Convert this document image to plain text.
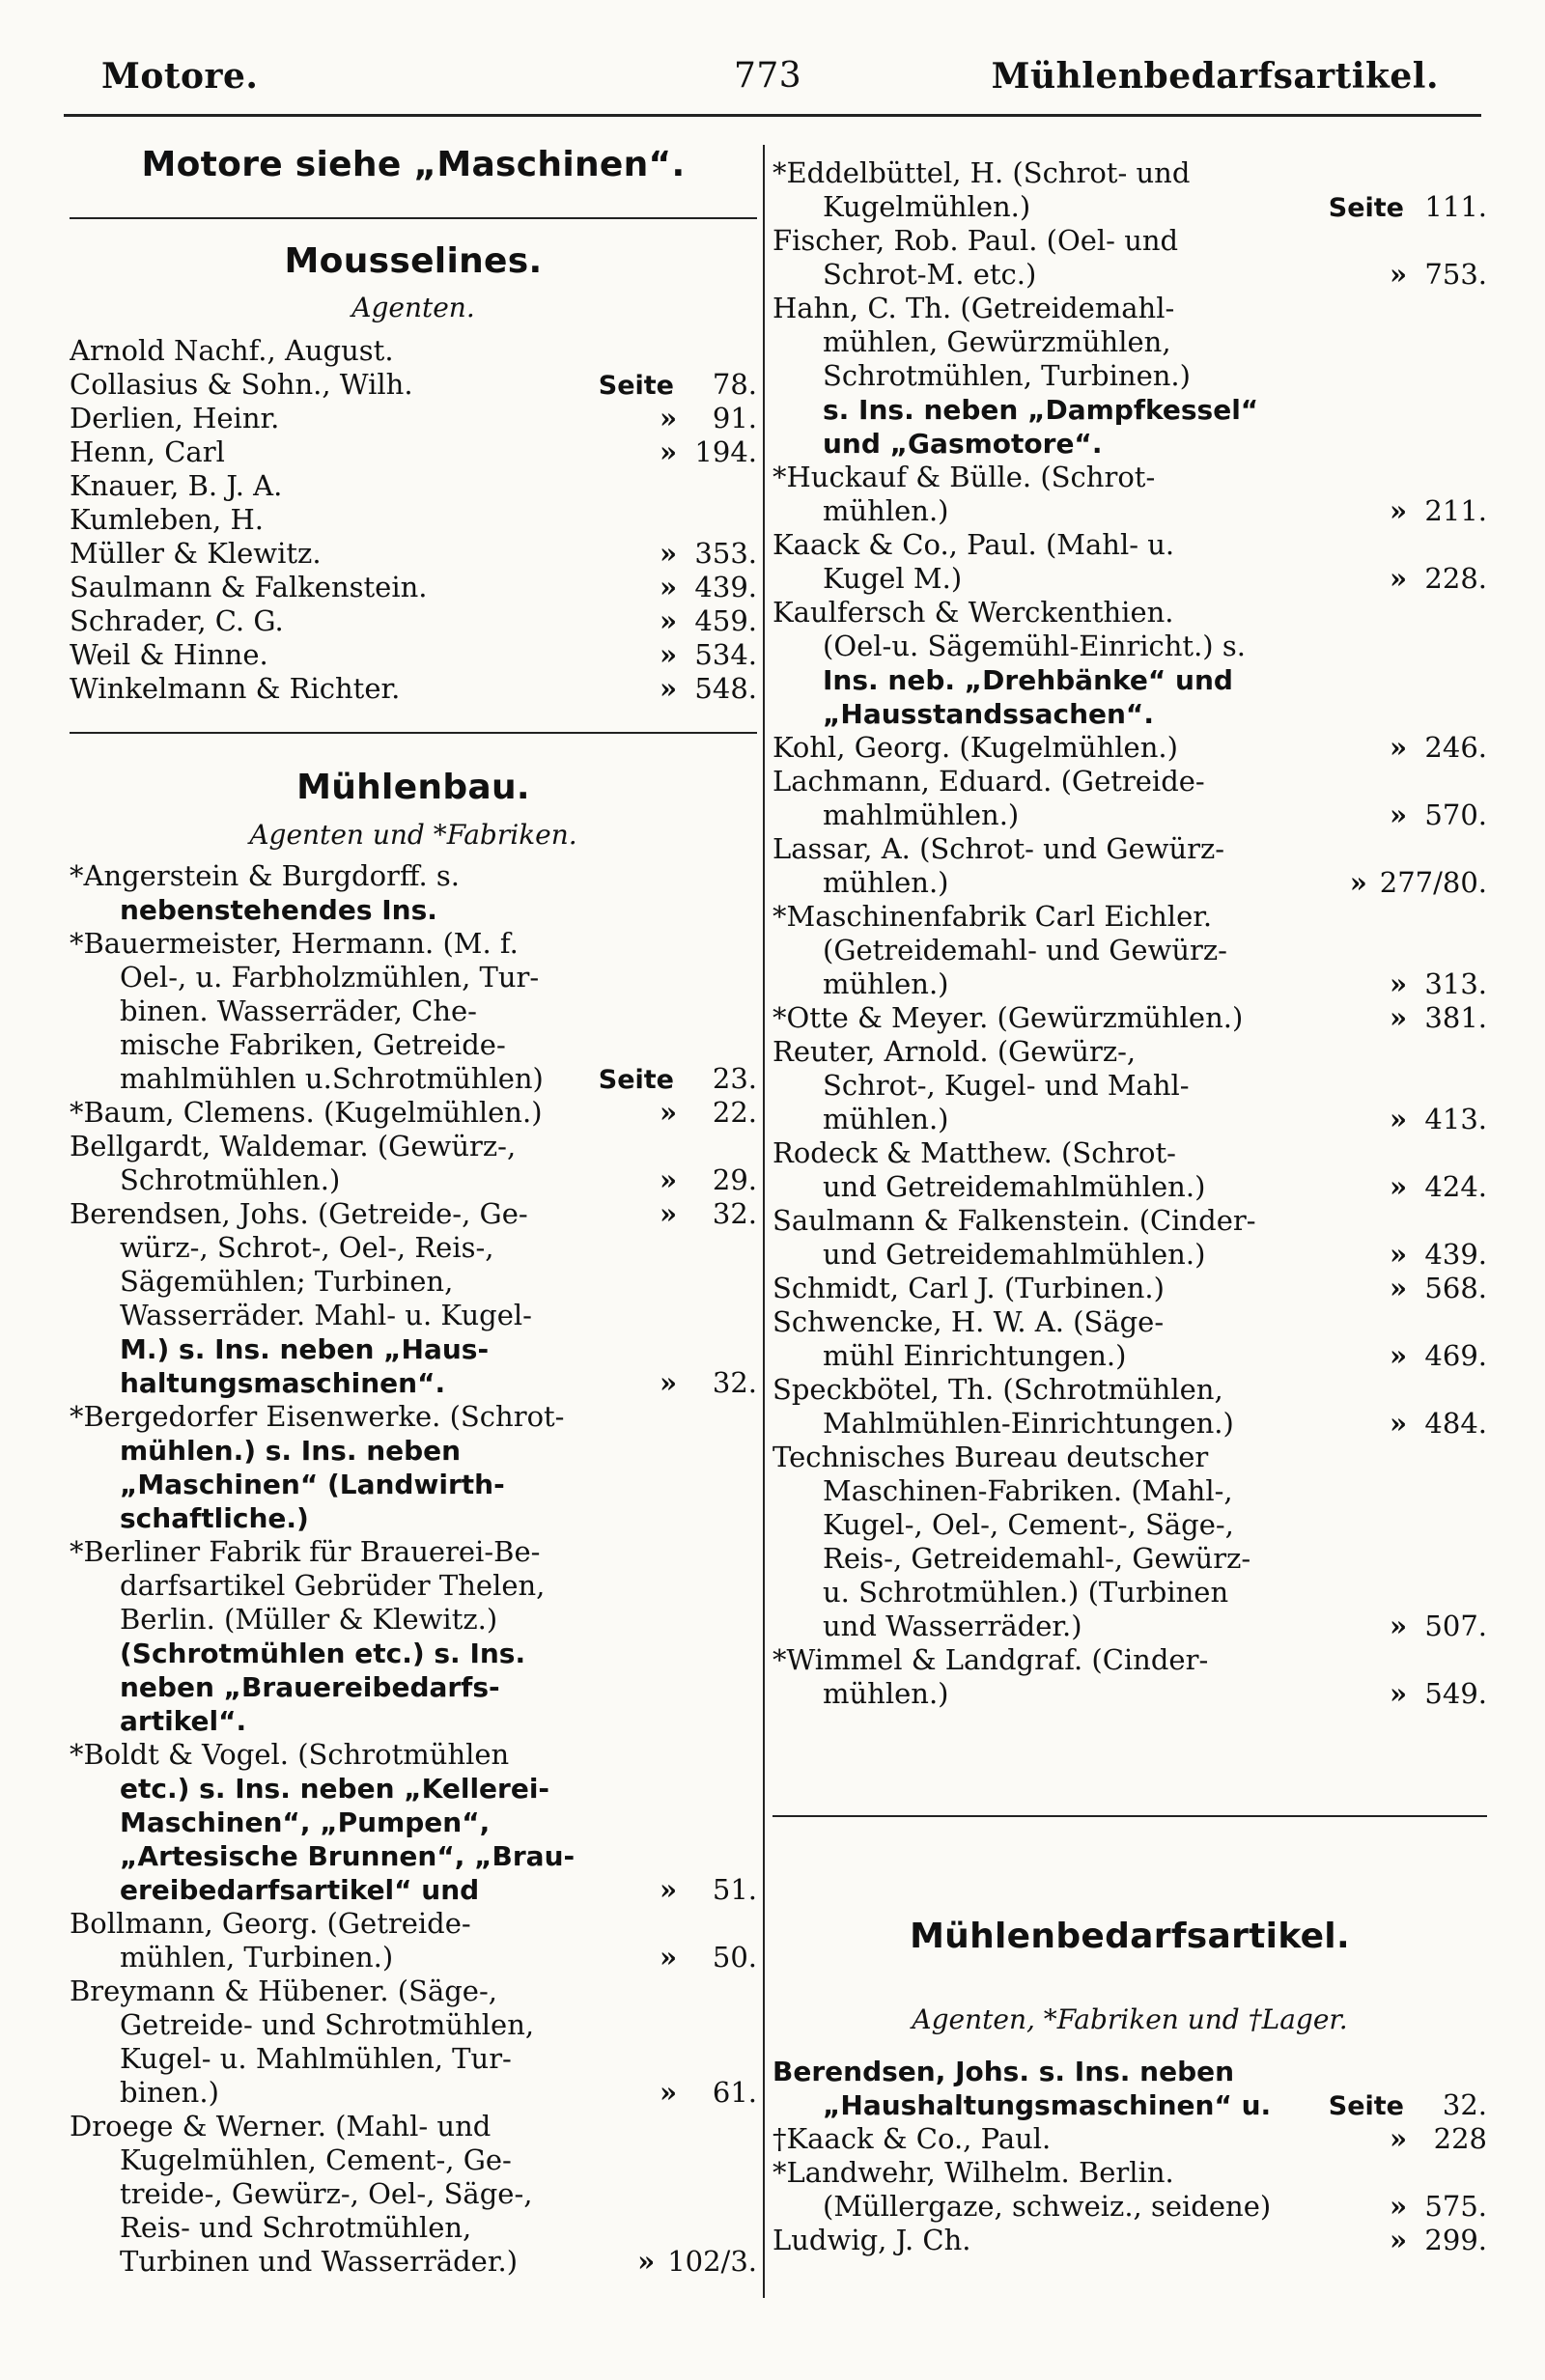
Motore.	773	Mühlenbedarfsartikel.
Motore siehe „Maschinen“.
Mousselines.
Agenten.
Arnold Nachf., August.
Collasius & Sohn., Wilh.	Seite	78.
Derlien, Heinr.	»	91.
Henn, Carl	» 194.
Knauer, B. J. A.
Kumleben, H.
Müller & Klewitz.	» 353.
Saulmann & Falkenstein.	» 439.
Schrader, C. G.	» 459.
Weil & Hinne.	» 534.
Winkelmann & Richter.	» 548.
Mühlenbau.
Agenten und *Fabriken.
*Angerstein & Burgdorff. s.
nebenstehendes Ins.
*Bauermeister, Hermann. (M. f.
Oel-, u. Farbholzmühlen, Tur-
binen. Wasserräder, Che-
mische Fabriken, Getreide-
mahlmühlen u.Schrotmühlen)	Seite	23.
*Baum, Clemens. (Kugelmühlen.)	»	22.
Bellgardt, Waldemar. (Gewürz-,
Schrotmühlen.)	»	29.
Berendsen, Johs. (Getreide-, Ge-	»	32.
würz-, Schrot-, Oel-, Reis-,
Sägemühlen; Turbinen,
Wasserräder. Mahl- u. Kugel-
M.) s. Ins. neben „Haus-
haltungsmaschinen“.	»	32.
*Bergedorfer Eisenwerke. (Schrot-
mühlen.) s. Ins. neben
„Maschinen“ (Landwirth-
schaftliche.)
*Berliner Fabrik für Brauerei-Be-
darfsartikel Gebrüder Thelen,
Berlin. (Müller & Klewitz.)
(Schrotmühlen etc.) s. Ins.
neben „Brauereibedarfs-
artikel“.
*Boldt & Vogel. (Schrotmühlen
etc.) s. Ins. neben „Kellerei-
Maschinen“, „Pumpen“,
„Artesische Brunnen“, „Brau-
ereibedarfsartikel“ und	»	51.
Bollmann, Georg. (Getreide-
mühlen, Turbinen.)	»	50.
Breymann & Hübener. (Säge-,
Getreide- und Schrotmühlen,
Kugel- u. Mahlmühlen, Tur-
binen.)	»	61.
Droege & Werner. (Mahl- und
Kugelmühlen, Cement-, Ge-
treide-, Gewürz-, Oel-, Säge-,
Reis- und Schrotmühlen,
Turbinen und Wasserräder.)	» 102/3.
*Eddelbüttel, H. (Schrot- und
Kugelmühlen.)	Seite 111.
Fischer, Rob. Paul. (Oel- und
Schrot-M. etc.)	» 753.
Hahn, C. Th. (Getreidemahl-
mühlen, Gewürzmühlen,
Schrotmühlen, Turbinen.)
s. Ins. neben „Dampfkessel“
und „Gasmotore“.
*Huckauf & Bülle. (Schrot-
mühlen.)	» 211.
Kaack & Co., Paul. (Mahl- u.
Kugel M.)	» 228.
Kaulfersch & Werckenthien.
(Oel-u. Sägemühl-Einricht.) s.
Ins. neb. „Drehbänke“ und
„Hausstandssachen“.
Kohl, Georg. (Kugelmühlen.)	» 246.
Lachmann, Eduard. (Getreide-
mahlmühlen.)	» 570.
Lassar, A. (Schrot- und Gewürz-
mühlen.)	» 277/80.
*Maschinenfabrik Carl Eichler.
(Getreidemahl- und Gewürz-
mühlen.)	» 313.
*Otte & Meyer. (Gewürzmühlen.)	» 381.
Reuter, Arnold. (Gewürz-,
Schrot-, Kugel- und Mahl-
mühlen.)	» 413.
Rodeck & Matthew. (Schrot-
und Getreidemahlmühlen.)	» 424.
Saulmann & Falkenstein. (Cinder-
und Getreidemahlmühlen.)	» 439.
Schmidt, Carl J. (Turbinen.)	» 568.
Schwencke, H. W. A. (Säge-
mühl Einrichtungen.)	» 469.
Speckbötel, Th. (Schrotmühlen,
Mahlmühlen-Einrichtungen.)	» 484.
Technisches Bureau deutscher
Maschinen-Fabriken. (Mahl-,
Kugel-, Oel-, Cement-, Säge-,
Reis-, Getreidemahl-, Gewürz-
u. Schrotmühlen.) (Turbinen
und Wasserräder.)	» 507.
*Wimmel & Landgraf. (Cinder-
mühlen.)	» 549.
Mühlenbedarfsartikel.
Agenten, *Fabriken und †Lager.
Berendsen, Johs. s. Ins. neben
„Haushaltungsmaschinen“ u.	Seite	32.
†Kaack & Co., Paul.	» 228
*Landwehr, Wilhelm. Berlin.
(Müllergaze, schweiz., seidene)	» 575.
Ludwig, J. Ch.	» 299.
